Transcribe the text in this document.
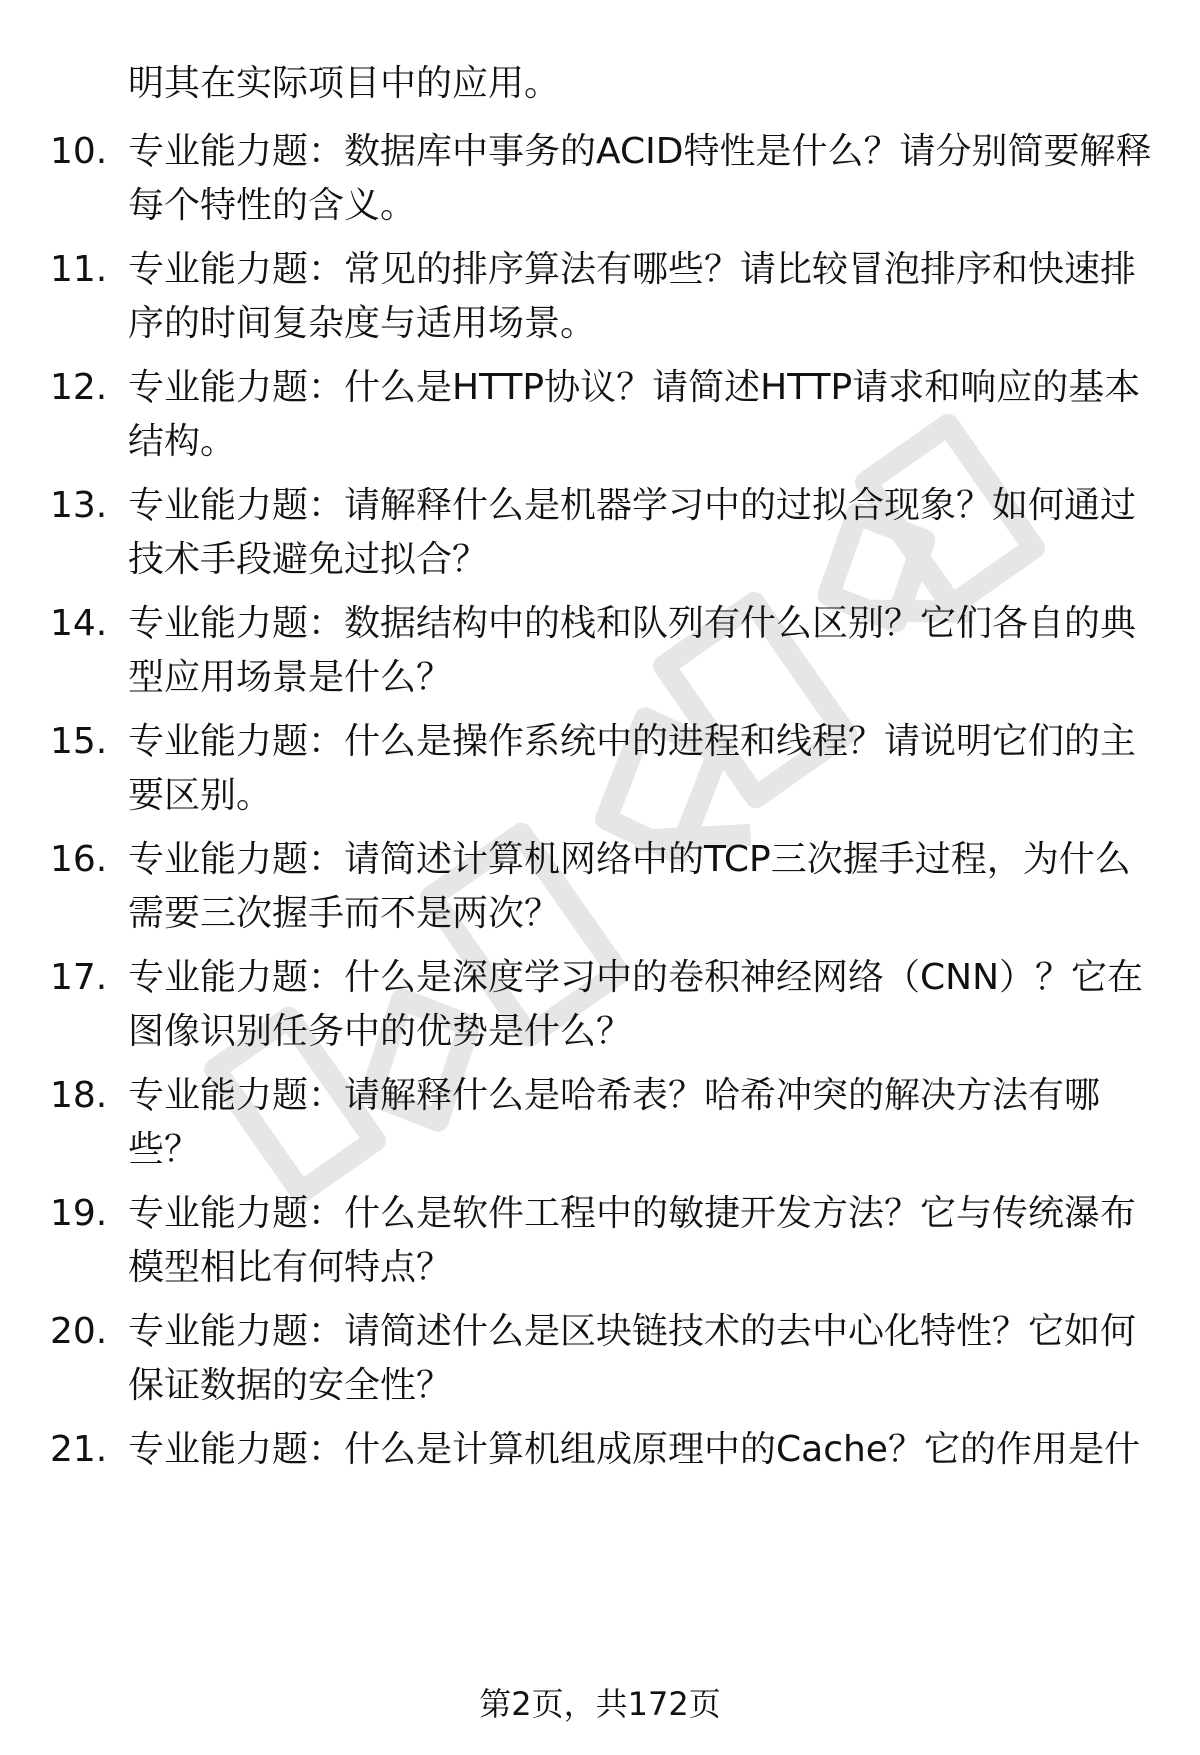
明其在实际项目中的应用。
10. 专业能力题：数据库中事务的ACID特性是什么？请分别简要解释
每个特性的含义。
11. 专业能力题：常见的排序算法有哪些？请比较冒泡排序和快速排
序的时间复杂度与适用场景。
12. 专业能力题：什么是HTTP协议？请简述HTTP请求和响应的基本
结构。
13. 专业能力题：请解释什么是机器学习中的过拟合现象？如何通过
技术手段避免过拟合？
14. 专业能力题：数据结构中的栈和队列有什么区别？它们各自的典
型应用场景是什么？
15. 专业能力题：什么是操作系统中的进程和线程？请说明它们的主
要区别。
16. 专业能力题：请简述计算机网络中的TCP三次握手过程，为什么
需要三次握手而不是两次？
17. 专业能力题：什么是深度学习中的卷积神经网络（CNN）？它在
图像识别任务中的优势是什么？
18. 专业能力题：请解释什么是哈希表？哈希冲突的解决方法有哪
些？
19. 专业能力题：什么是软件工程中的敏捷开发方法？它与传统瀑布
模型相比有何特点？
20. 专业能力题：请简述什么是区块链技术的去中心化特性？它如何
保证数据的安全性？
21. 专业能力题：什么是计算机组成原理中的Cache？它的作用是什
第2页，共172页
